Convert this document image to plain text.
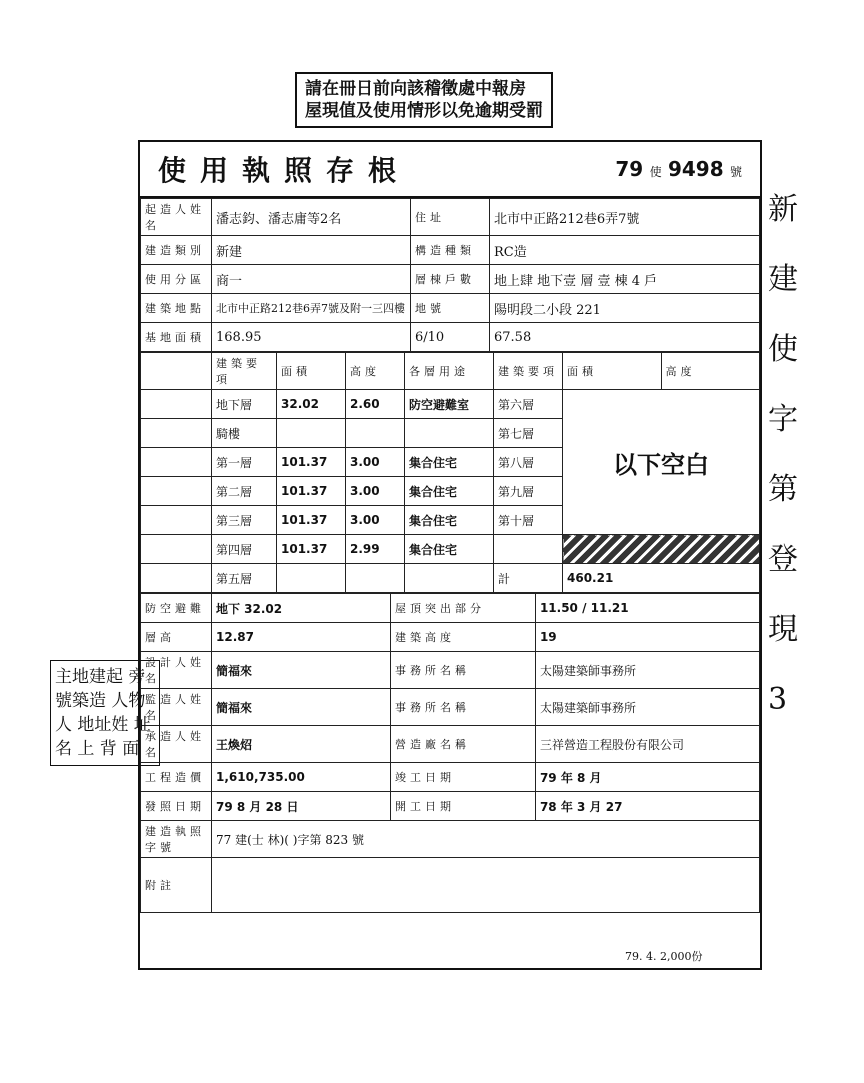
請在冊日前向該稽徵處中報房
屋現值及使用情形以免逾期受罰
使用執照存根	79 使 9498 號
起造人姓名	潘志鈞、潘志庸等2名	住址	北市中正路212巷6弄7號
建造類別	新建	構造種類	RC造
使用分區	商一	層棟戶數	地上肆 地下壹 層 壹 棟 4 戶
建築地點	北市中正路212巷6弄7號及附一三四樓	地號	陽明段二小段 221
基地面積	168.95	6/10	67.58
	建築要項	面積	高度	各層用途	建築要項	面積	高度
	地下層	32.02	2.60	防空避難室	第六層	以下空白	
	騎樓				第七層		
	第一層	101.37	3.00	集合住宅	第八層		
	第二層	101.37	3.00	集合住宅	第九層		
	第三層	101.37	3.00	集合住宅	第十層		
	第四層	101.37	2.99	集合住宅			
	第五層				計	460.21	
防空避難	地下 32.02	屋頂突出部分	11.50 / 11.21
層高	12.87	建築高度	19
設計人姓名	簡福來	事務所名稱	太陽建築師事務所
監造人姓名	簡福來	事務所名稱	太陽建築師事務所
承造人姓名	王煥炤	營造廠名稱	三祥營造工程股份有限公司
工程造價	1,610,735.00	竣工日期	79 年 8 月
發照日期	79 8 月 28 日	開工日期	78 年 3 月 27
建造執照字號	77 建(士 林)( )字第 823 號		
附註			
主地建起 旁號築造 人物人 地址姓 址名 上 背 面
79. 4. 2,000份
新建使字第 登 現 3
